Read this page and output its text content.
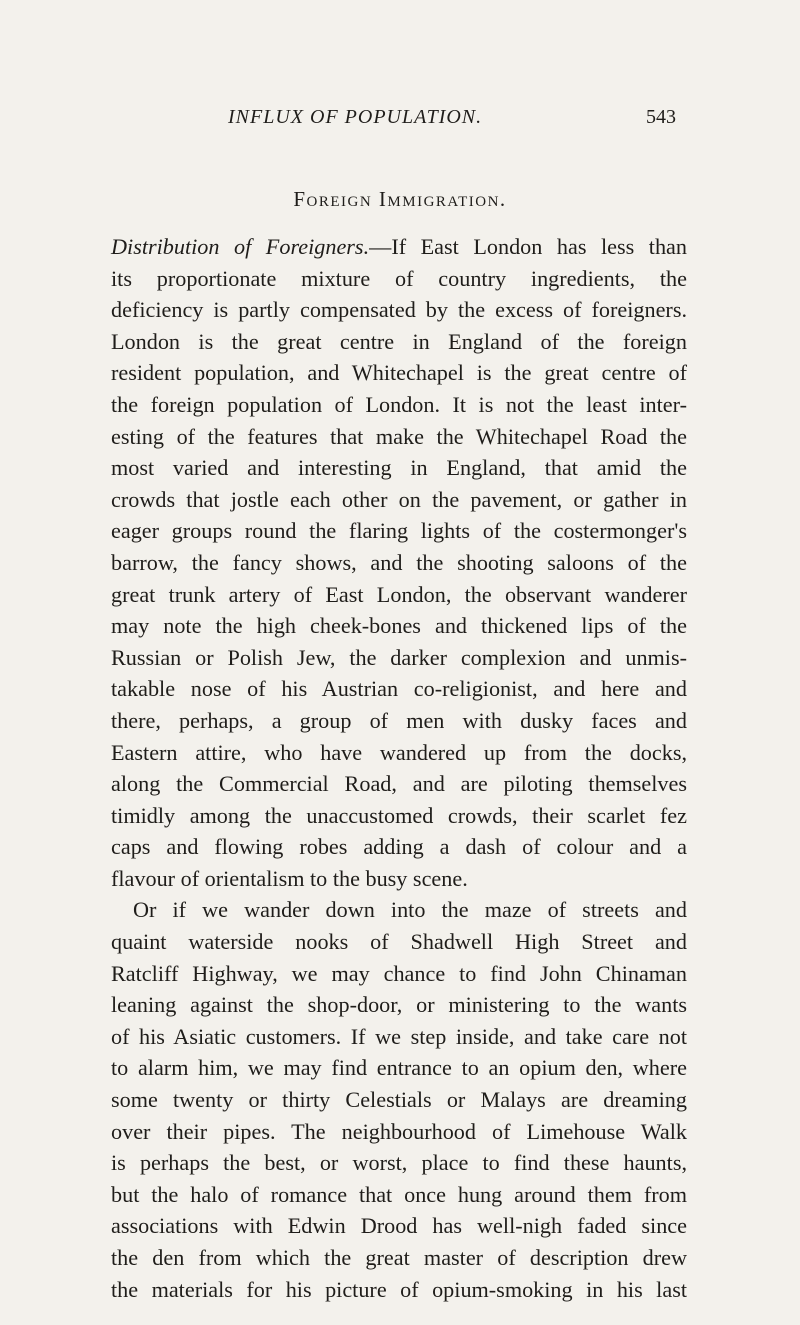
INFLUX OF POPULATION.	543
Foreign Immigration.
Distribution of Foreigners.—If East London has less than
its proportionate mixture of country ingredients, the
deficiency is partly compensated by the excess of foreigners.
London is the great centre in England of the foreign
resident population, and Whitechapel is the great centre of
the foreign population of London. It is not the least inter-
esting of the features that make the Whitechapel Road the
most varied and interesting in England, that amid the
crowds that jostle each other on the pavement, or gather in
eager groups round the flaring lights of the costermonger's
barrow, the fancy shows, and the shooting saloons of the
great trunk artery of East London, the observant wanderer
may note the high cheek-bones and thickened lips of the
Russian or Polish Jew, the darker complexion and unmis-
takable nose of his Austrian co-religionist, and here and
there, perhaps, a group of men with dusky faces and
Eastern attire, who have wandered up from the docks,
along the Commercial Road, and are piloting themselves
timidly among the unaccustomed crowds, their scarlet fez
caps and flowing robes adding a dash of colour and a
flavour of orientalism to the busy scene.
Or if we wander down into the maze of streets and
quaint waterside nooks of Shadwell High Street and
Ratcliff Highway, we may chance to find John Chinaman
leaning against the shop-door, or ministering to the wants
of his Asiatic customers. If we step inside, and take care not
to alarm him, we may find entrance to an opium den, where
some twenty or thirty Celestials or Malays are dreaming
over their pipes. The neighbourhood of Limehouse Walk
is perhaps the best, or worst, place to find these haunts,
but the halo of romance that once hung around them from
associations with Edwin Drood has well-nigh faded since
the den from which the great master of description drew
the materials for his picture of opium-smoking in his last
